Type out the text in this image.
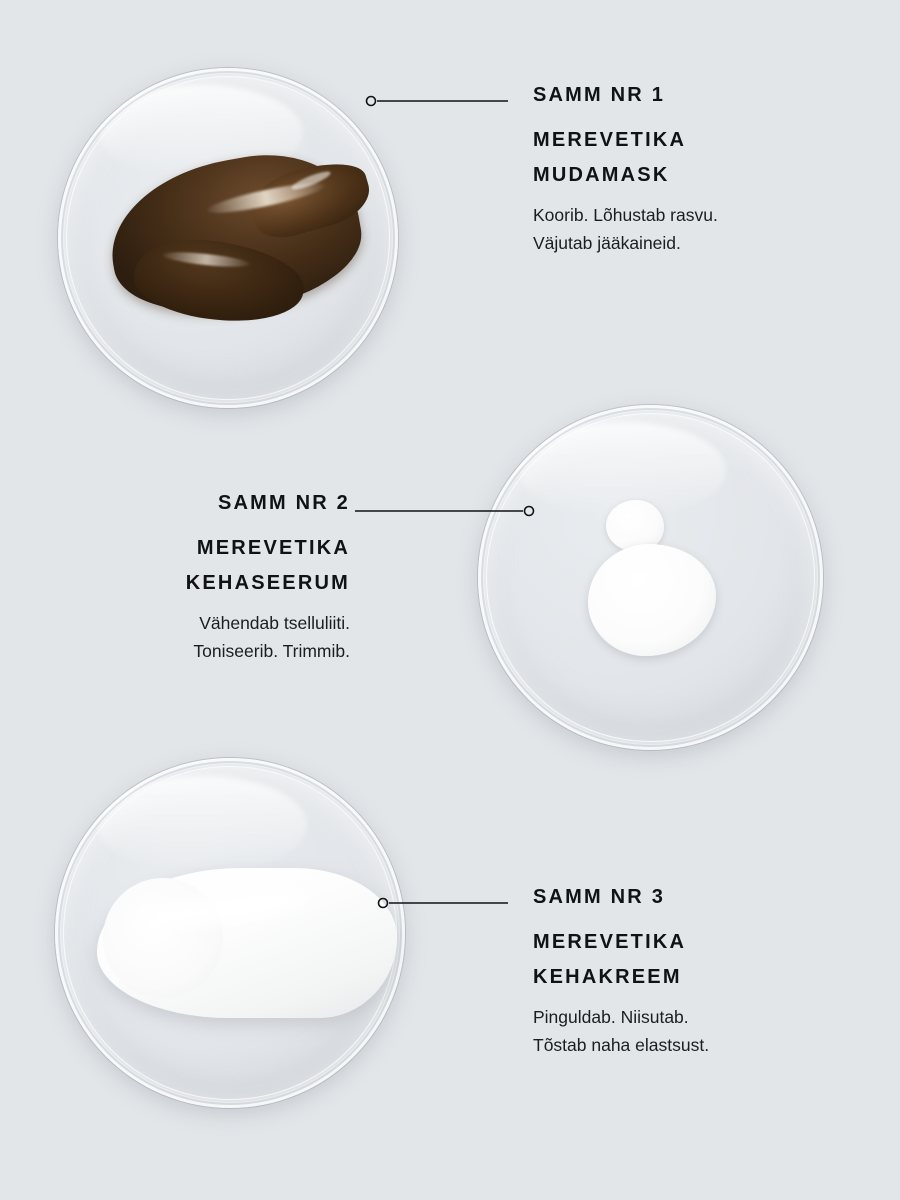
SAMM NR 1

MEREVETIKA

MUDAMASK

Koorib. Lõhustab rasvu.

Väjutab jääkaineid.

SAMM NR 2

MEREVETIKA

KEHASEERUM

Vähendab tselluliiti.

Toniseerib. Trimmib.

SAMM NR 3

MEREVETIKA

KEHAKREEM

Pinguldab. Niisutab.

Tõstab naha elastsust.
